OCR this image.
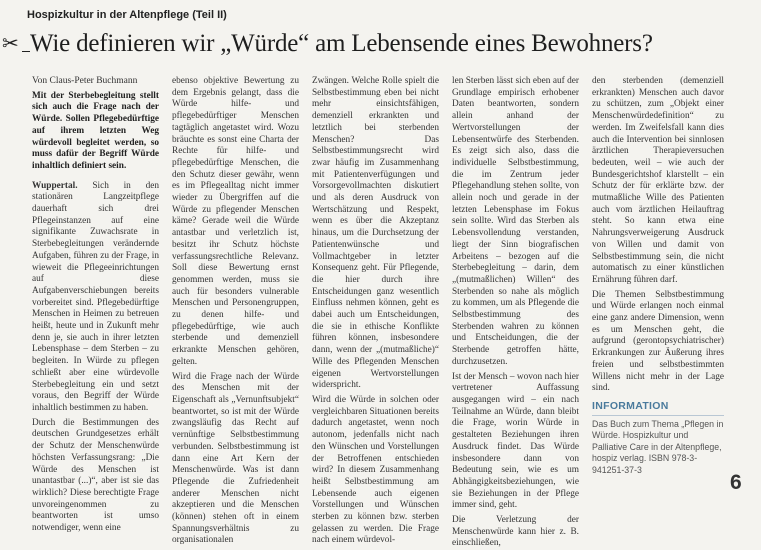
Hospizkultur in der Altenpflege (Teil II)
✂ Wie definieren wir „Würde“ am Lebensende eines Bewohners?

Von Claus-Peter Buchmann

Mit der Sterbebegleitung stellt sich auch die Frage nach der Würde. Sollen Pflegebedürftige auf ihrem letzten Weg würdevoll begleitet werden, so muss dafür der Begriff Würde inhaltlich definiert sein.

Wuppertal. Sich in den stationären Langzeitpflege dauerhaft sich drei Pflegeinstanzen auf eine signifikante Zuwachsrate in Sterbebegleitungen verändernde Aufgaben, führen zu der Frage, in wieweit die Pflegeeinrichtungen auf diese Aufgabenverschiebungen bereits vorbereitet sind. Pflegebedürftige Menschen in Heimen zu betreuen heißt, heute und in Zukunft mehr denn je, sie auch in ihrer letzten Lebensphase – dem Sterben – zu begleiten. In Würde zu pflegen schließt aber eine würdevolle Sterbebegleitung ein und setzt voraus, den Begriff der Würde inhaltlich bestimmen zu haben.

Durch die Bestimmungen des deutschen Grundgesetzes erhält der Schutz der Menschenwürde höchsten Verfassungsrang: „Die Würde des Menschen ist unantastbar (...)“, aber ist sie das wirklich? Diese berechtigte Frage unvoreingenommen zu beantworten ist umso notwendiger, wenn eine

ebenso objektive Bewertung zu dem Ergebnis gelangt, dass die Würde hilfe- und pflegebedürftiger Menschen tagtäglich angetastet wird. Wozu bräuchte es sonst eine Charta der Rechte für hilfe- und pflegebedürftige Menschen, die den Schutz dieser gewähr, wenn es im Pflegealltag nicht immer wieder zu Übergriffen auf die Würde zu pflegender Menschen käme? Gerade weil die Würde antastbar und verletzlich ist, besitzt ihr Schutz höchste verfassungsrechtliche Relevanz. Soll diese Bewertung ernst genommen werden, muss sie auch für besonders vulnerable Menschen und Personengruppen, zu denen hilfe- und pflegebedürftige, wie auch sterbende und demenziell erkrankte Menschen gehören, gelten.

Wird die Frage nach der Würde des Menschen mit der Eigenschaft als „Vernunftsubjekt“ beantwortet, so ist mit der Würde zwangsläufig das Recht auf vernünftige Selbstbestimmung verbunden. Selbstbestimmung ist dann eine Art Kern der Menschenwürde. Was ist dann Pflegende die Zufriedenheit anderer Menschen nicht akzeptieren und die Menschen (können) stehen oft in einem Spannungsverhältnis zu organisationalen

Zwängen. Welche Rolle spielt die Selbstbestimmung eben bei nicht mehr einsichtsfähigen, demenziell erkrankten und letztlich bei sterbenden Menschen? Das Selbstbestimmungsrecht wird zwar häufig im Zusammenhang mit Patientenverfügungen und Vorsorgevollmachten diskutiert und als deren Ausdruck von Wertschätzung und Respekt, wenn es über die Akzeptanz hinaus, um die Durchsetzung der Patientenwünsche und Vollmachtgeber in letzter Konsequenz geht. Für Pflegende, die hier durch ihre Entscheidungen ganz wesentlich Einfluss nehmen können, geht es dabei auch um Entscheidungen, die sie in ethische Konflikte führen können, insbesondere dann, wenn der „(mutmaßliche)“ Wille des Pflegenden Menschen eigenen Wertvorstellungen widerspricht.

Wird die Würde in solchen oder vergleichbaren Situationen bereits dadurch angetastet, wenn noch autonom, jedenfalls nicht nach den Wünschen und Vorstellungen der Betroffenen entschieden wird? In diesem Zusammenhang heißt Selbstbestimmung am Lebensende auch eigenen Vorstellungen und Wünschen sterben zu können bzw. sterben gelassen zu werden. Die Frage nach einem würdevol-

len Sterben lässt sich eben auf der Grundlage empirisch erhobener Daten beantworten, sondern allein anhand der Wertvorstellungen der Lebensentwürfe des Sterbenden. Es zeigt sich also, dass die individuelle Selbstbestimmung, die im Zentrum jeder Pflegehandlung stehen sollte, von allein noch und gerade in der letzten Lebensphase im Fokus sein sollte. Wird das Sterben als Lebensvollendung verstanden, liegt der Sinn biografischen Arbeitens – bezogen auf die Sterbebegleitung – darin, dem „(mutmaßlichen) Willen“ des Sterbenden so nahe als möglich zu kommen, um als Pflegende die Selbstbestimmung des Sterbenden wahren zu können und Entscheidungen, die der Sterbende getroffen hätte, durchzusetzen.

Ist der Mensch – wovon nach hier vertretener Auffassung ausgegangen wird – ein nach Teilnahme an Würde, dann bleibt die Frage, worin Würde in gestalteten Beziehungen ihren Ausdruck findet. Das Würde insbesondere dann von Bedeutung sein, wie es um Abhängigkeitsbeziehungen, wie sie Beziehungen in der Pflege immer sind, geht.

Die Verletzung der Menschenwürde kann hier z. B. einschließen,

den sterbenden (demenziell erkrankten) Menschen auch davor zu schützen, zum „Objekt einer Menschenwürdedefinition“ zu werden. Im Zweifelsfall kann dies auch die Intervention bei sinnlosen ärztlichen Therapieversuchen bedeuten, weil – wie auch der Bundesgerichtshof klarstellt – ein Schutz der für erklärte bzw. der mutmaßliche Wille des Patienten auch vom ärztlichen Heilauftrag steht. So kann etwa eine Nahrungsverweigerung Ausdruck von Willen und damit von Selbstbestimmung sein, die nicht automatisch zu einer künstlichen Ernährung führen darf.

Die Themen Selbstbestimmung und Würde erlangen noch einmal eine ganz andere Dimension, wenn es um Menschen geht, die aufgrund (gerontopsychiatrischer) Erkrankungen zur Äußerung ihres freien und selbstbestimmten Willens nicht mehr in der Lage sind.

INFORMATION
Das Buch zum Thema „Pflegen in Würde. Hospizkultur und Palliative Care in der Altenpflege, hospiz verlag. ISBN 978-3-941251-37-3
6
